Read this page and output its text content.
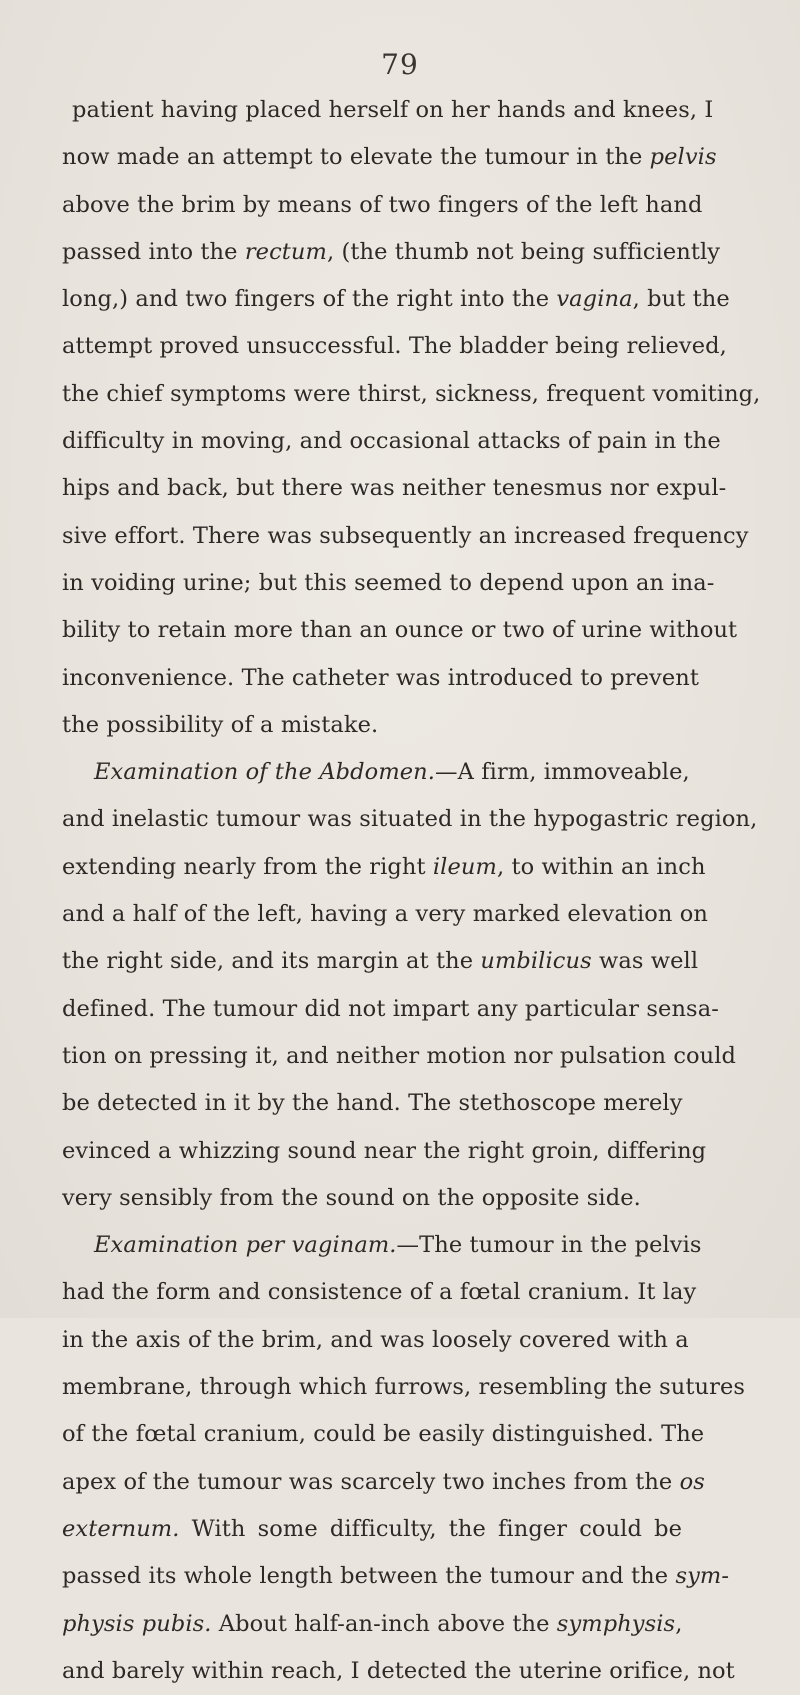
79
patient having placed herself on her hands and knees, I
now made an attempt to elevate the tumour in the pelvis
above the brim by means of two fingers of the left hand
passed into the rectum, (the thumb not being sufficiently
long,) and two fingers of the right into the vagina, but the
attempt proved unsuccessful. The bladder being relieved,
the chief symptoms were thirst, sickness, frequent vomiting,
difficulty in moving, and occasional attacks of pain in the
hips and back, but there was neither tenesmus nor expul-
sive effort. There was subsequently an increased frequency
in voiding urine; but this seemed to depend upon an ina-
bility to retain more than an ounce or two of urine without
inconvenience. The catheter was introduced to prevent
the possibility of a mistake.
Examination of the Abdomen.—A firm, immoveable,
and inelastic tumour was situated in the hypogastric region,
extending nearly from the right ileum, to within an inch
and a half of the left, having a very marked elevation on
the right side, and its margin at the umbilicus was well
defined. The tumour did not impart any particular sensa-
tion on pressing it, and neither motion nor pulsation could
be detected in it by the hand. The stethoscope merely
evinced a whizzing sound near the right groin, differing
very sensibly from the sound on the opposite side.
Examination per vaginam.—The tumour in the pelvis
had the form and consistence of a fœtal cranium. It lay
in the axis of the brim, and was loosely covered with a
membrane, through which furrows, resembling the sutures
of the fœtal cranium, could be easily distinguished. The
apex of the tumour was scarcely two inches from the os
externum. With some difficulty, the finger could be
passed its whole length between the tumour and the sym-
physis pubis. About half-an-inch above the symphysis,
and barely within reach, I detected the uterine orifice, not
